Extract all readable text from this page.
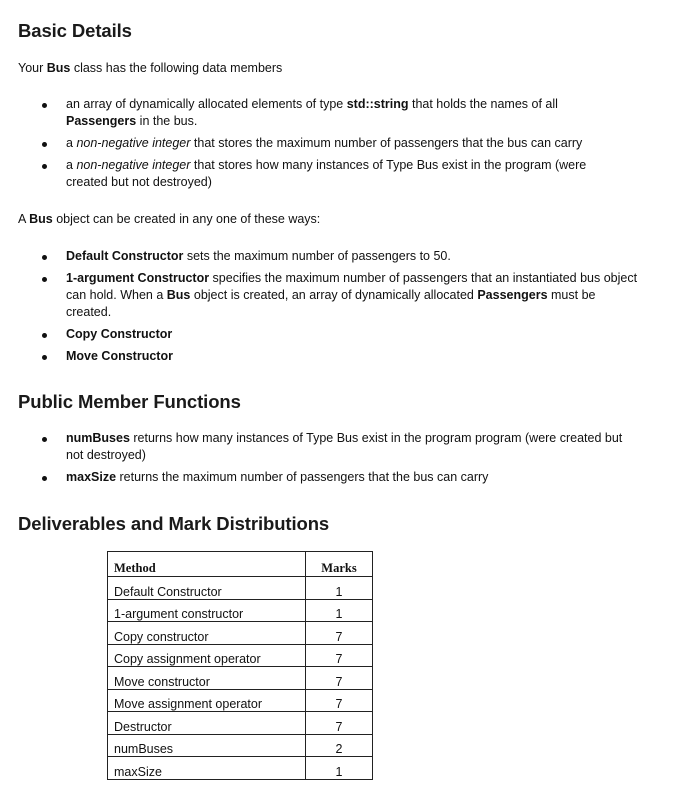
Basic Details

Your Bus class has the following data members

an array of dynamically allocated elements of type std::string that holds the names of all Passengers in the bus.
a non-negative integer that stores the maximum number of passengers that the bus can carry
a non-negative integer that stores how many instances of Type Bus exist in the program (were created but not destroyed)

A Bus object can be created in any one of these ways:

Default Constructor sets the maximum number of passengers to 50.
1-argument Constructor specifies the maximum number of passengers that an instantiated bus object can hold. When a Bus object is created, an array of dynamically allocated Passengers must be created.
Copy Constructor
Move Constructor
Public Member Functions
numBuses returns how many instances of Type Bus exist in the program program (were created but not destroyed)
maxSize returns the maximum number of passengers that the bus can carry
Deliverables and Mark Distributions
Method	Marks
Default Constructor	1
1-argument constructor	1
Copy constructor	7
Copy assignment operator	7
Move constructor	7
Move assignment operator	7
Destructor	7
numBuses	2
maxSize	1
